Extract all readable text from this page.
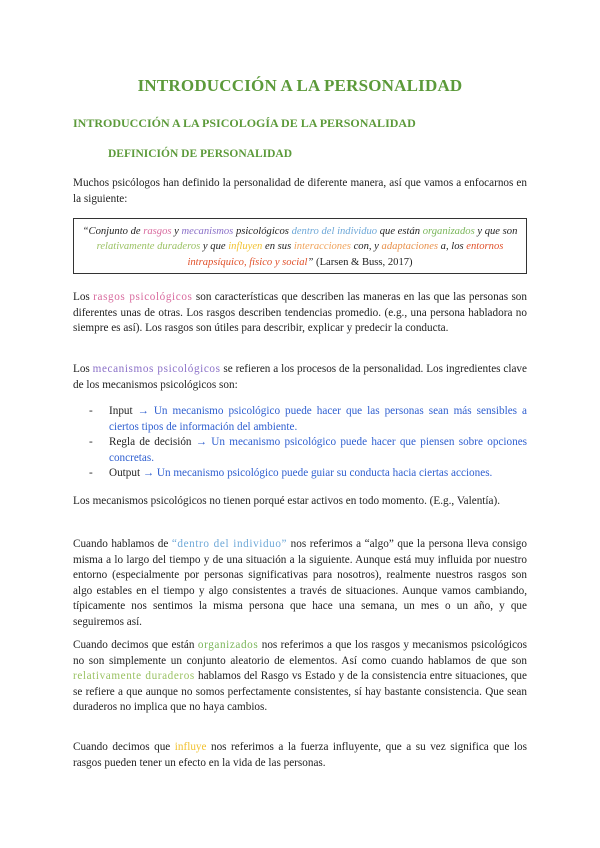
INTRODUCCIÓN A LA PERSONALIDAD
INTRODUCCIÓN A LA PSICOLOGÍA DE LA PERSONALIDAD
DEFINICIÓN DE PERSONALIDAD
Muchos psicólogos han definido la personalidad de diferente manera, así que vamos a enfocarnos en la siguiente:
“Conjunto de rasgos y mecanismos psicológicos dentro del individuo que están organizados y que son relativamente duraderos y que influyen en sus interacciones con, y adaptaciones a, los entornos intrapsíquico, físico y social” (Larsen & Buss, 2017)
Los rasgos psicológicos son características que describen las maneras en las que las personas son diferentes unas de otras. Los rasgos describen tendencias promedio. (e.g., una persona habladora no siempre es así). Los rasgos son útiles para describir, explicar y predecir la conducta.
Los mecanismos psicológicos se refieren a los procesos de la personalidad. Los ingredientes clave de los mecanismos psicológicos son:
- Input → Un mecanismo psicológico puede hacer que las personas sean más sensibles a ciertos tipos de información del ambiente.
- Regla de decisión → Un mecanismo psicológico puede hacer que piensen sobre opciones concretas.
- Output → Un mecanismo psicológico puede guiar su conducta hacia ciertas acciones.
Los mecanismos psicológicos no tienen porqué estar activos en todo momento. (E.g., Valentía).
Cuando hablamos de “dentro del individuo” nos referimos a “algo” que la persona lleva consigo misma a lo largo del tiempo y de una situación a la siguiente. Aunque está muy influida por nuestro entorno (especialmente por personas significativas para nosotros), realmente nuestros rasgos son algo estables en el tiempo y algo consistentes a través de situaciones. Aunque vamos cambiando, típicamente nos sentimos la misma persona que hace una semana, un mes o un año, y que seguiremos así.
Cuando decimos que están organizados nos referimos a que los rasgos y mecanismos psicológicos no son simplemente un conjunto aleatorio de elementos. Así como cuando hablamos de que son relativamente duraderos hablamos del Rasgo vs Estado y de la consistencia entre situaciones, que se refiere a que aunque no somos perfectamente consistentes, sí hay bastante consistencia. Que sean duraderos no implica que no haya cambios.
Cuando decimos que influye nos referimos a la fuerza influyente, que a su vez significa que los rasgos pueden tener un efecto en la vida de las personas.
